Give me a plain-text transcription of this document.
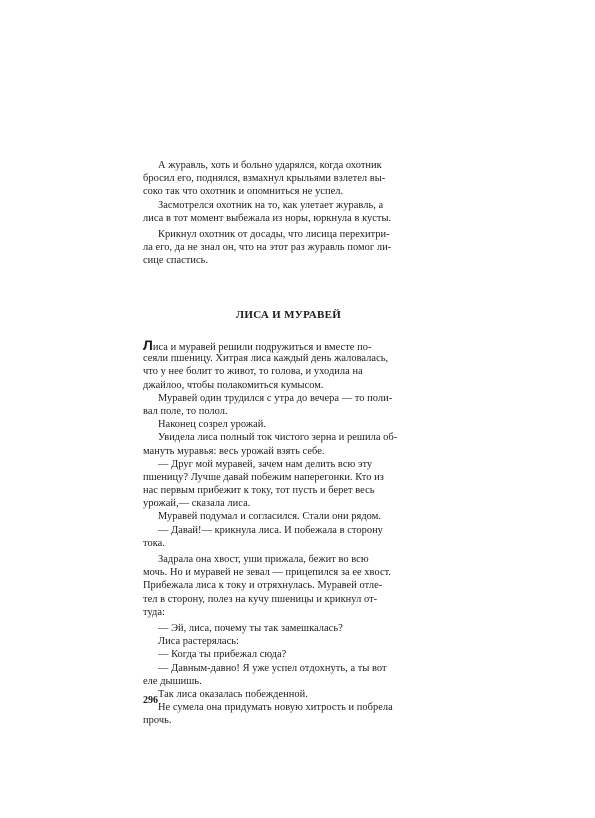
А журавль, хоть и больно ударялся, когда охотник
бросил его, поднялся, взмахнул крыльями взлетел вы-
соко так что охотник и опомниться не успел.
Засмотрелся охотник на то, как улетает журавль, а
лиса в тот момент выбежала из норы, юркнула в кусты.
Крикнул охотник от досады, что лисица перехитри-
ла его, да не знал он, что на этот раз журавль помог ли-
сице спастись.
ЛИСА И МУРАВЕЙ
Лиса и муравей решили подружиться и вместе по-
сеяли пшеницу. Хитрая лиса каждый день жаловалась,
что у нее болит то живот, то голова, и уходила на
джайлоо, чтобы полакомиться кумысом.
Муравей один трудился с утра до вечера — то поли-
вал поле, то полол.
Наконец созрел урожай.
Увидела лиса полный ток чистого зерна и решила об-
мануть муравья: весь урожай взять себе.
— Друг мой муравей, зачем нам делить всю эту
пшеницу? Лучше давай побежим наперегонки. Кто из
нас первым прибежит к току, тот пусть и берет весь
урожай,— сказала лиса.
Муравей подумал и согласился. Стали они рядом.
— Давай!— крикнула лиса. И побежала в сторону
тока.
Задрала она хвост, уши прижала, бежит во всю
мочь. Но и муравей не зевал — прицепился за ее хвост.
Прибежала лиса к току и отряхнулась. Муравей отле-
тел в сторону, полез на кучу пшеницы и крикнул от-
туда:
— Эй, лиса, почему ты так замешкалась?
Лиса растерялась:
— Когда ты прибежал сюда?
— Давным-давно! Я уже успел отдохнуть, а ты вот
еле дышишь.
Так лиса оказалась побежденной.
Не сумела она придумать новую хитрость и побрела
прочь.
296
